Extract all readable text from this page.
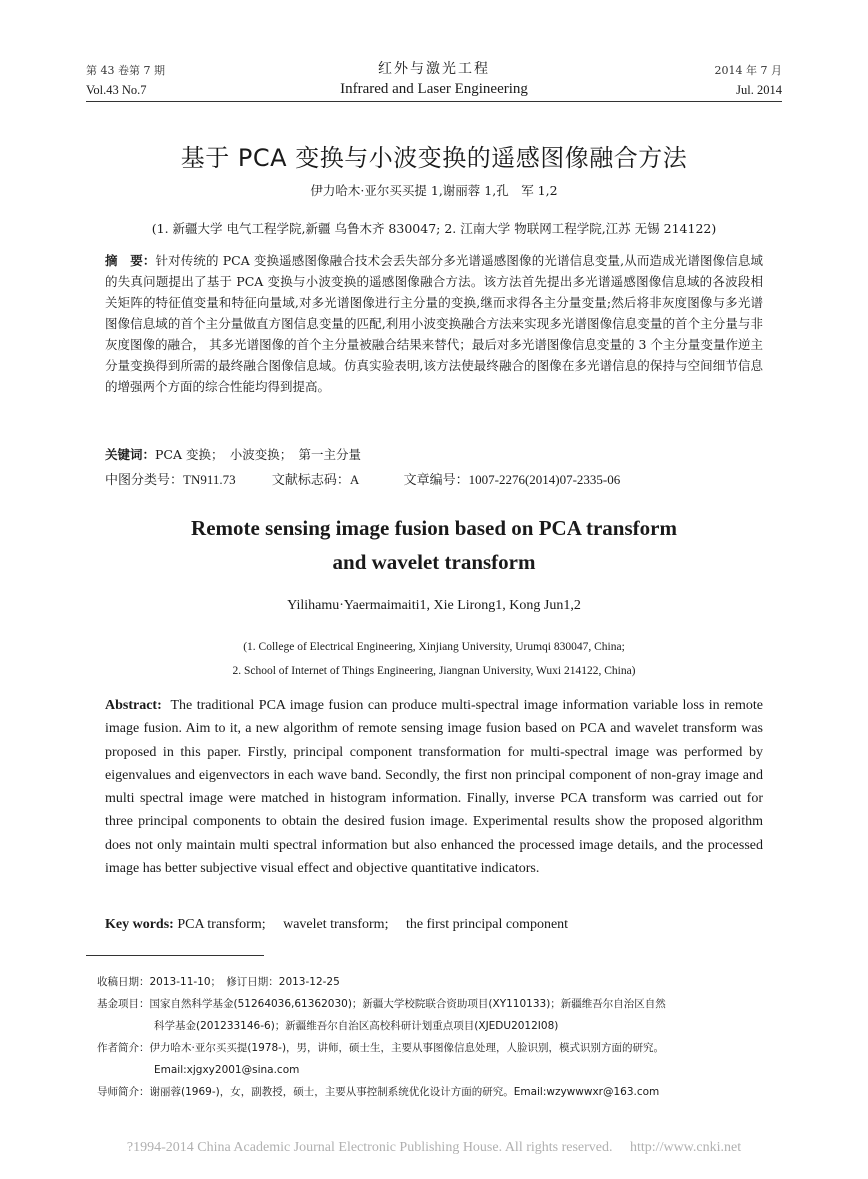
第 43 卷第 7 期	红外与激光工程	2014 年 7 月
Vol.43 No.7	Infrared and Laser Engineering	Jul. 2014
基于 PCA 变换与小波变换的遥感图像融合方法
伊力哈木·亚尔买买提 1,谢丽蓉 1,孔　军 1,2
(1. 新疆大学 电气工程学院,新疆 乌鲁木齐 830047; 2. 江南大学 物联网工程学院,江苏 无锡 214122)
摘　要：针对传统的 PCA 变换遥感图像融合技术会丢失部分多光谱遥感图像的光谱信息变量,从而造成光谱图像信息域的失真问题提出了基于 PCA 变换与小波变换的遥感图像融合方法。该方法首先提出多光谱遥感图像信息域的各波段相关矩阵的特征值变量和特征向量域,对多光谱图像进行主分量的变换,继而求得各主分量变量;然后将非灰度图像与多光谱图像信息域的首个主分量做直方图信息变量的匹配,利用小波变换融合方法来实现多光谱图像信息变量的首个主分量与非灰度图像的融合， 其多光谱图像的首个主分量被融合结果来替代；最后对多光谱图像信息变量的 3 个主分量变量作逆主分量变换得到所需的最终融合图像信息域。仿真实验表明,该方法使最终融合的图像在多光谱信息的保持与空间细节信息的增强两个方面的综合性能均得到提高。
关键词：PCA 变换；　小波变换；　第一主分量
中图分类号：TN911.73	文献标志码：A	文章编号：1007-2276(2014)07-2335-06
Remote sensing image fusion based on PCA transform
and wavelet transform
Yilihamu·Yaermaimaiti1, Xie Lirong1, Kong Jun1,2
(1. College of Electrical Engineering, Xinjiang University, Urumqi 830047, China;
2. School of Internet of Things Engineering, Jiangnan University, Wuxi 214122, China)
Abstract: The traditional PCA image fusion can produce multi-spectral image information variable loss in remote image fusion. Aim to it, a new algorithm of remote sensing image fusion based on PCA and wavelet transform was proposed in this paper. Firstly, principal component transformation for multi-spectral image was performed by eigenvalues and eigenvectors in each wave band. Secondly, the first non principal component of non-gray image and multi spectral image were matched in histogram information. Finally, inverse PCA transform was carried out for three principal components to obtain the desired fusion image. Experimental results show the proposed algorithm does not only maintain multi spectral information but also enhanced the processed image details, and the processed image has better subjective visual effect and objective quantitative indicators.
Key words: PCA transform;　 wavelet transform;　 the first principal component
收稿日期：2013-11-10；　修订日期：2013-12-25
基金项目：国家自然科学基金(51264036,61362030)；新疆大学校院联合资助项目(XY110133)；新疆维吾尔自治区自然
科学基金(201233146-6)；新疆维吾尔自治区高校科研计划重点项目(XJEDU2012I08)
作者简介：伊力哈木·亚尔买买提(1978-)，男，讲师，硕士生，主要从事图像信息处理，人脸识别，模式识别方面的研究。
Email:xjgxy2001@sina.com
导师简介：谢丽蓉(1969-)，女，副教授，硕士，主要从事控制系统优化设计方面的研究。Email:wzywwwxr@163.com
?1994-2014 China Academic Journal Electronic Publishing House. All rights reserved.　 http://www.cnki.net
